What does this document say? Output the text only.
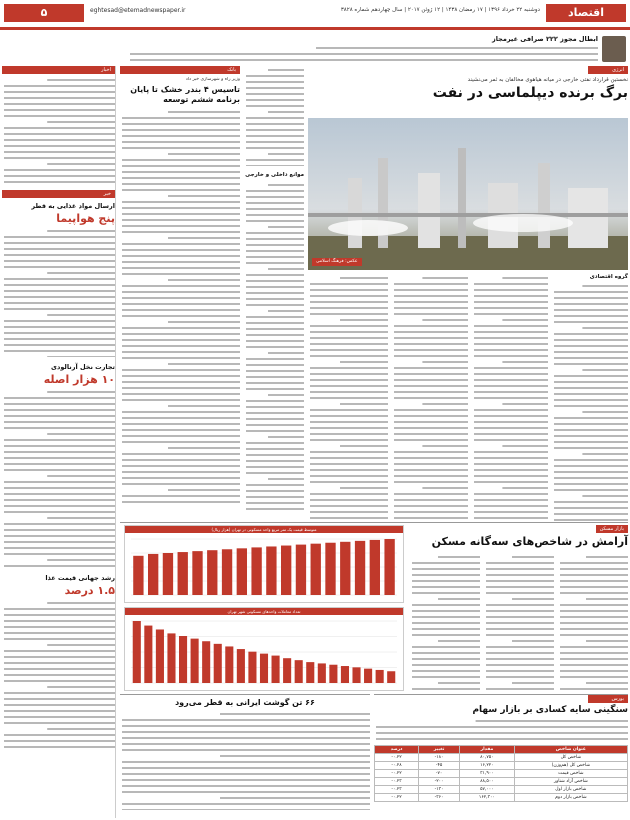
اقتصاد
دوشنبه ۲۲ خرداد ۱۳۹۶ | ۱۷ رمضان ۱۴۳۸ | ۱۲ ژوئن ۲۰۱۷ | سال چهاردهم شماره ۳۸۲۸
eghtesad@etemadnewspaper.ir
۵
ابطال مجوز ۲۲۲ صرافی غیرمجاز
اخبار
خبر
ارسال مواد غذایی به قطر
پنج هواپیما
تجارت نخل آرنالودی
۱۰ هزار اصله
رشد جهانی قیمت غذا
۱.۵ درصد
بانک
وزیر راه و شهرسازی خبر داد
تاسیس ۴ بندر خشک تا پایان برنامه ششم توسعه
موانع داخلی و خارجی
انرژی
نخستین قرارداد نفتی خارجی در میانه هیاهوی مخالفان به ثمر می‌نشیند
برگ برنده دیپلماسی در نفت
عکس: فرهنگ اسلامی
گروه اقتصادی
بازار مسکن
آرامش در شاخص‌های سه‌گانه مسکن
متوسط قیمت یک متر مربع واحد مسکونی در تهران (هزار ریال)
تعداد معاملات واحدهای مسکونی شهر تهران
۶۶ تن گوشت ایرانی به قطر می‌رود	بورس
سنگینی سایه کسادی بر بازار سهام
عنوان شاخص	مقدار	تغییر	درصد
شاخص کل	۸۰,۷۵۰	۱۸۰-	۰.۲۲-
شاخص کل (هم‌وزن)	۱۶,۲۲۰	۴۵-	۰.۲۸-
شاخص قیمت	۳۱,۹۰۰	۷۰-	۰.۲۲-
شاخص آزاد شناور	۸۸,۵۰۰	۲۰۰-	۰.۲۳-
شاخص بازار اول	۵۷,۰۰۰	۱۳۰-	۰.۲۳-
شاخص بازار دوم	۱۶۲,۳۰۰	۳۶۰-	۰.۲۲-
